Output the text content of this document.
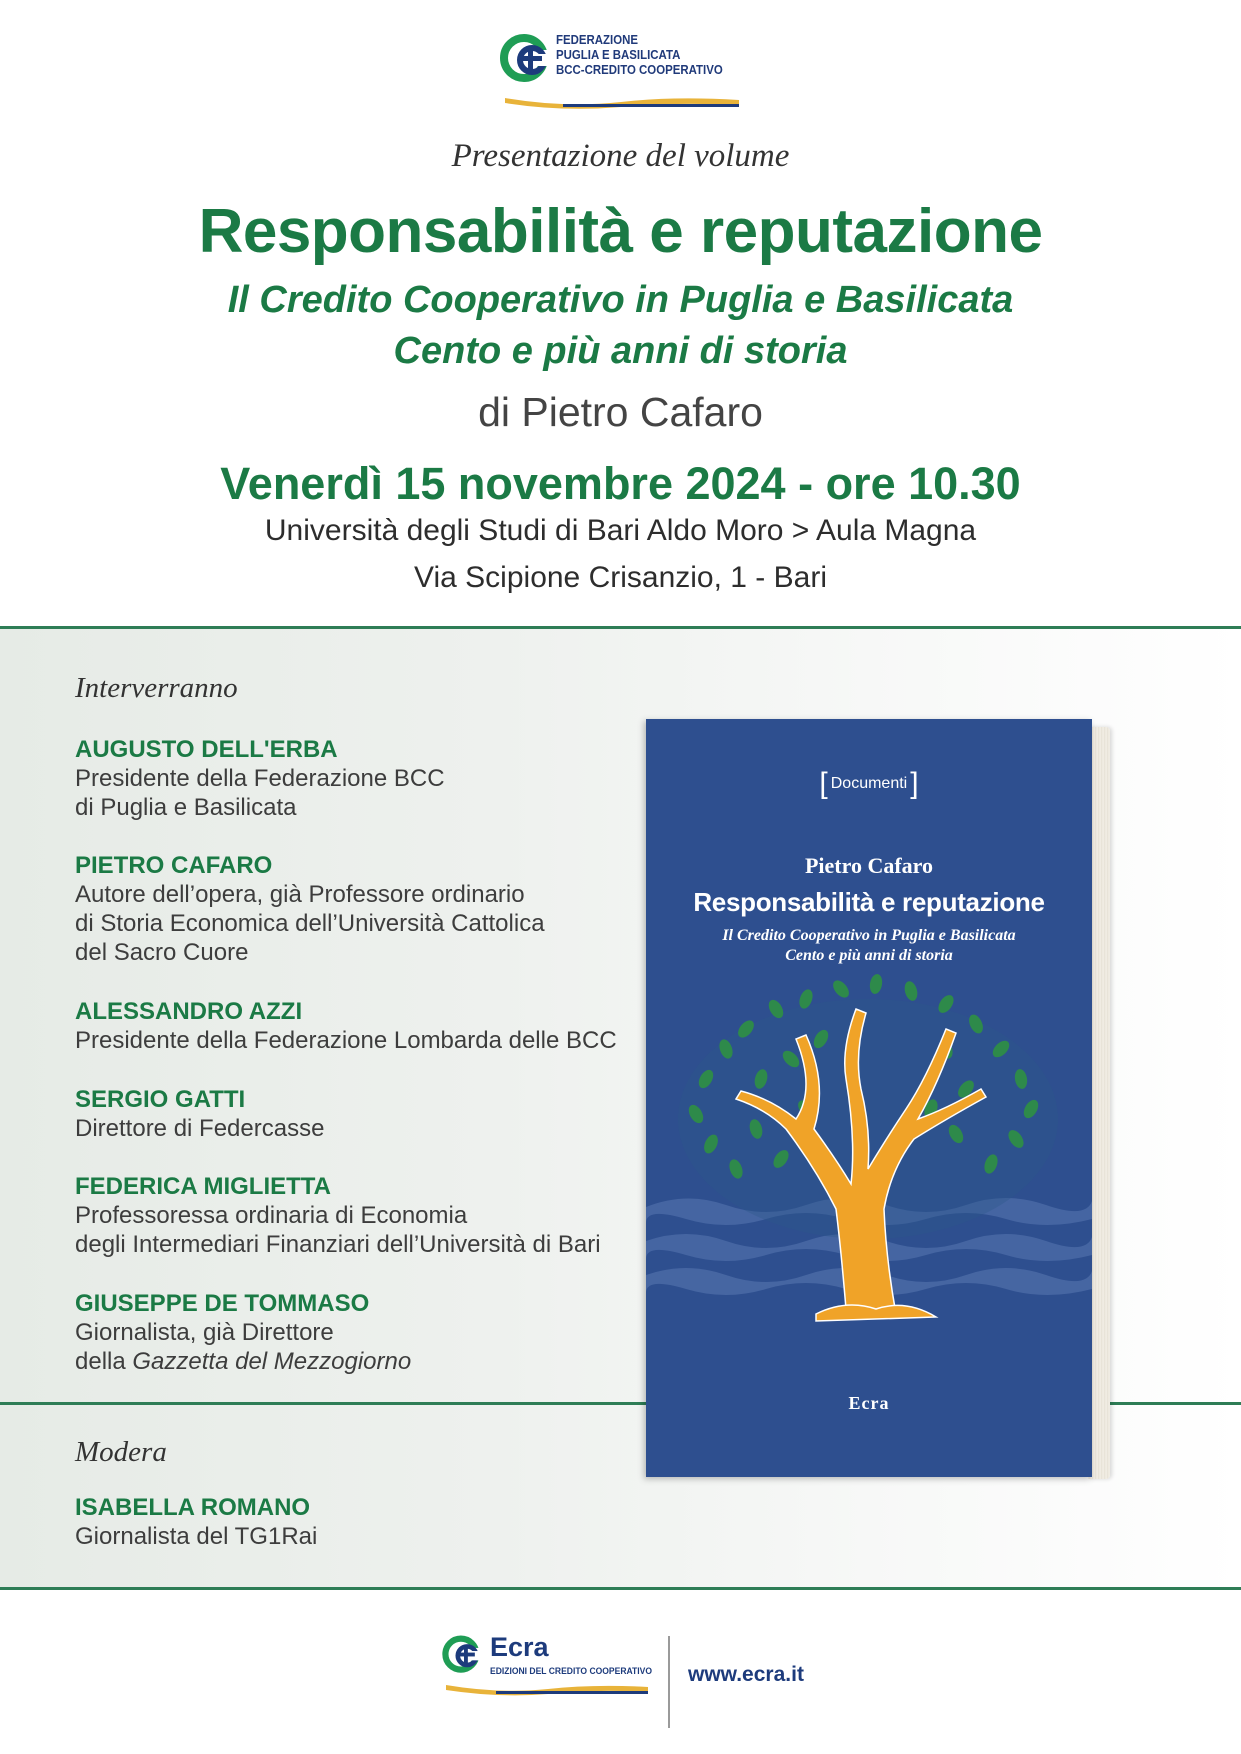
FEDERAZIONE
PUGLIA E BASILICATA
BCC-CREDITO COOPERATIVO
Presentazione del volume
Responsabilità e reputazione
Il Credito Cooperativo in Puglia e Basilicata
Cento e più anni di storia
di Pietro Cafaro
Venerdì 15 novembre 2024 - ore 10.30
Università degli Studi di Bari Aldo Moro > Aula Magna
Via Scipione Crisanzio, 1 - Bari
Interverranno
AUGUSTO DELL'ERBA
Presidente della Federazione BCC
di Puglia e Basilicata
PIETRO CAFARO
Autore dell’opera, già Professore ordinario
di Storia Economica dell’Università Cattolica
del Sacro Cuore
ALESSANDRO AZZI
Presidente della Federazione Lombarda delle BCC
SERGIO GATTI
Direttore di Federcasse
FEDERICA MIGLIETTA
Professoressa ordinaria di Economia
degli Intermediari Finanziari dell’Università di Bari
GIUSEPPE DE TOMMASO
Giornalista, già Direttore
della Gazzetta del Mezzogiorno
Modera
ISABELLA ROMANO
Giornalista del TG1Rai
[ Documenti ]
Pietro Cafaro
Responsabilità e reputazione
Il Credito Cooperativo in Puglia e Basilicata
Cento e più anni di storia
Ecra
Ecra
EDIZIONI DEL CREDITO COOPERATIVO www.ecra.it
